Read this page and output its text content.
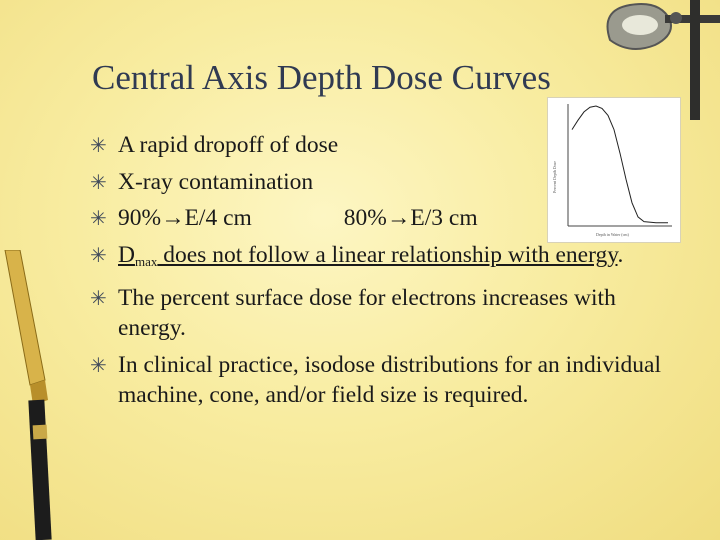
Central Axis Depth Dose Curves
Percent Depth Dose
Depth in Water (cm)
✳ A rapid dropoff of dose
✳ X-ray contamination
✳ 90%→E/4 cm	80%→E/3 cm
✳ $D_{max}$ does not follow a linear relationship with energy.
✳ The percent surface dose for electrons increases with energy.
✳ In clinical practice, isodose distributions for an individual machine, cone, and/or field size is required.
